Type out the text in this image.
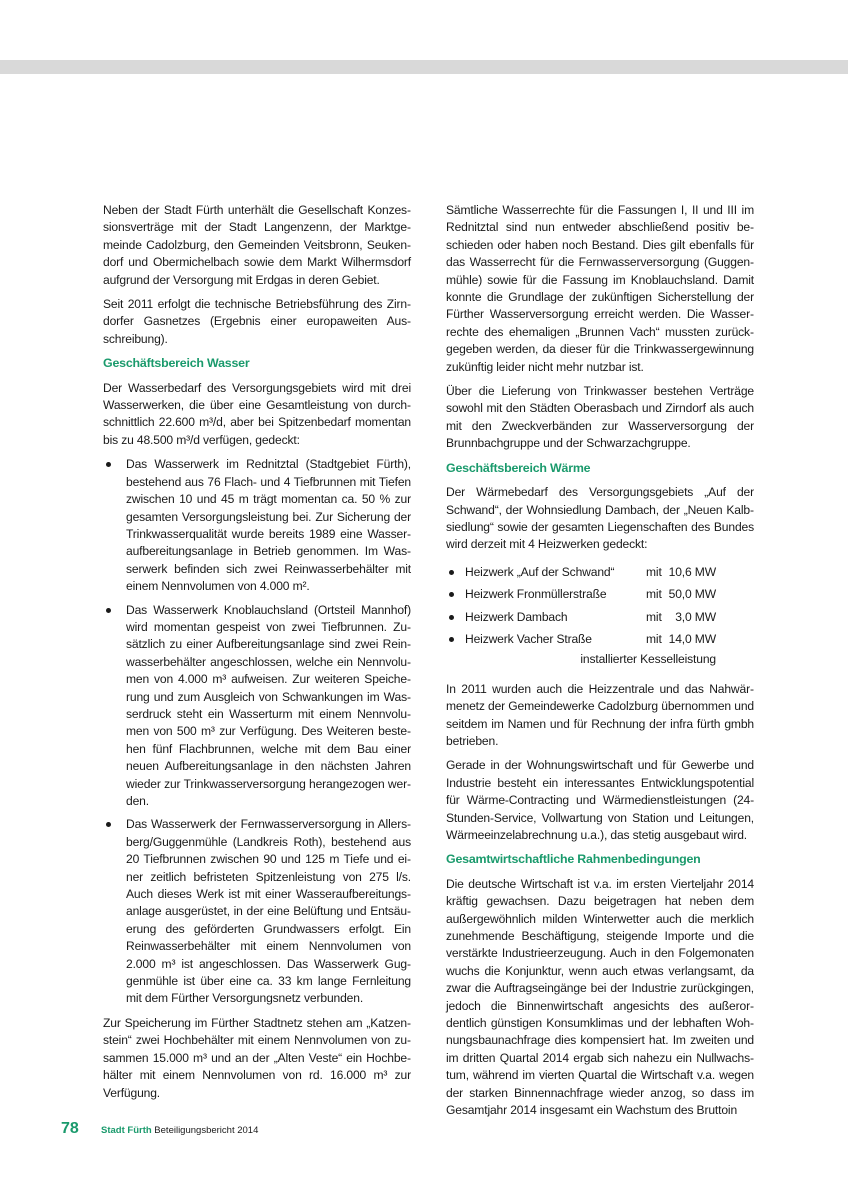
Neben der Stadt Fürth unterhält die Gesellschaft Konzessionsverträge mit der Stadt Langenzenn, der Marktgemeinde Cadolzburg, den Gemeinden Veitsbronn, Seukendorf und Obermichelbach sowie dem Markt Wilhermsdorf aufgrund der Versorgung mit Erdgas in deren Gebiet.

Seit 2011 erfolgt die technische Betriebsführung des Zirndorfer Gasnetzes (Ergebnis einer europaweiten Ausschreibung).

Geschäftsbereich Wasser

Der Wasserbedarf des Versorgungsgebiets wird mit drei Wasserwerken, die über eine Gesamtleistung von durchschnittlich 22.600 m³/d, aber bei Spitzenbedarf momentan bis zu 48.500 m³/d verfügen, gedeckt:

Das Wasserwerk im Rednitztal (Stadtgebiet Fürth), bestehend aus 76 Flach- und 4 Tiefbrunnen mit Tiefen zwischen 10 und 45 m trägt momentan ca. 50 % zur gesamten Versorgungsleistung bei. Zur Sicherung der Trinkwasserqualität wurde bereits 1989 eine Wasseraufbereitungsanlage in Betrieb genommen. Im Wasserwerk befinden sich zwei Reinwasserbehälter mit einem Nennvolumen von 4.000 m².
Das Wasserwerk Knoblauchsland (Ortsteil Mannhof) wird momentan gespeist von zwei Tiefbrunnen. Zusätzlich zu einer Aufbereitungsanlage sind zwei Reinwasserbehälter angeschlossen, welche ein Nennvolumen von 4.000 m³ aufweisen. Zur weiteren Speicherung und zum Ausgleich von Schwankungen im Wasserdruck steht ein Wasserturm mit einem Nennvolumen von 500 m³ zur Verfügung. Des Weiteren bestehen fünf Flachbrunnen, welche mit dem Bau einer neuen Aufbereitungsanlage in den nächsten Jahren wieder zur Trinkwasserversorgung herangezogen werden.
Das Wasserwerk der Fernwasserversorgung in Allersberg/Guggenmühle (Landkreis Roth), bestehend aus 20 Tiefbrunnen zwischen 90 und 125 m Tiefe und einer zeitlich befristeten Spitzenleistung von 275 l/s. Auch dieses Werk ist mit einer Wasseraufbereitungsanlage ausgerüstet, in der eine Belüftung und Entsäuerung des geförderten Grundwassers erfolgt. Ein Reinwasserbehälter mit einem Nennvolumen von 2.000 m³ ist angeschlossen. Das Wasserwerk Guggenmühle ist über eine ca. 33 km lange Fernleitung mit dem Fürther Versorgungsnetz verbunden.

Zur Speicherung im Fürther Stadtnetz stehen am „Katzenstein“ zwei Hochbehälter mit einem Nennvolumen von zusammen 15.000 m³ und an der „Alten Veste“ ein Hochbehälter mit einem Nennvolumen von rd. 16.000 m³ zur Verfügung.

Sämtliche Wasserrechte für die Fassungen I, II und III im Rednitztal sind nun entweder abschließend positiv beschieden oder haben noch Bestand. Dies gilt ebenfalls für das Wasserrecht für die Fernwasserversorgung (Guggenmühle) sowie für die Fassung im Knoblauchsland. Damit konnte die Grundlage der zukünftigen Sicherstellung der Fürther Wasserversorgung erreicht werden. Die Wasserrechte des ehemaligen „Brunnen Vach“ mussten zurückgegeben werden, da dieser für die Trinkwassergewinnung zukünftig leider nicht mehr nutzbar ist.

Über die Lieferung von Trinkwasser bestehen Verträge sowohl mit den Städten Oberasbach und Zirndorf als auch mit den Zweckverbänden zur Wasserversorgung der Brunnbachgruppe und der Schwarzachgruppe.

Geschäftsbereich Wärme

Der Wärmebedarf des Versorgungsgebiets „Auf der Schwand“, der Wohnsiedlung Dambach, der „Neuen Kalbsiedlung“ sowie der gesamten Liegenschaften des Bundes wird derzeit mit 4 Heizwerken gedeckt:

Heizwerk „Auf der Schwand“	mit 10,6 MW
Heizwerk Fronmüllerstraße	mit 50,0 MW
Heizwerk Dambach	mit	3,0 MW
Heizwerk Vacher Straße	mit 14,0 MW
installierter Kesselleistung

In 2011 wurden auch die Heizzentrale und das Nahwärmenetz der Gemeindewerke Cadolzburg übernommen und seitdem im Namen und für Rechnung der infra fürth gmbh betrieben.

Gerade in der Wohnungswirtschaft und für Gewerbe und Industrie besteht ein interessantes Entwicklungspotential für Wärme-Contracting und Wärmedienstleistungen (24-Stunden-Service, Vollwartung von Station und Leitungen, Wärmeeinzelabrechnung u.a.), das stetig ausgebaut wird.

Gesamtwirtschaftliche Rahmenbedingungen

Die deutsche Wirtschaft ist v.a. im ersten Vierteljahr 2014 kräftig gewachsen. Dazu beigetragen hat neben dem außergewöhnlich milden Winterwetter auch die merklich zunehmende Beschäftigung, steigende Importe und die verstärkte Industrieerzeugung. Auch in den Folgemonaten wuchs die Konjunktur, wenn auch etwas verlangsamt, da zwar die Auftragseingänge bei der Industrie zurückgingen, jedoch die Binnenwirtschaft angesichts des außerordentlich günstigen Konsumklimas und der lebhaften Wohnungsbaunachfrage dies kompensiert hat. Im zweiten und im dritten Quartal 2014 ergab sich nahezu ein Nullwachstum, während im vierten Quartal die Wirtschaft v.a. wegen der starken Binnennachfrage wieder anzog, so dass im Gesamtjahr 2014 insgesamt ein Wachstum des Bruttoin

78 Stadt Fürth Beteiligungsbericht 2014
